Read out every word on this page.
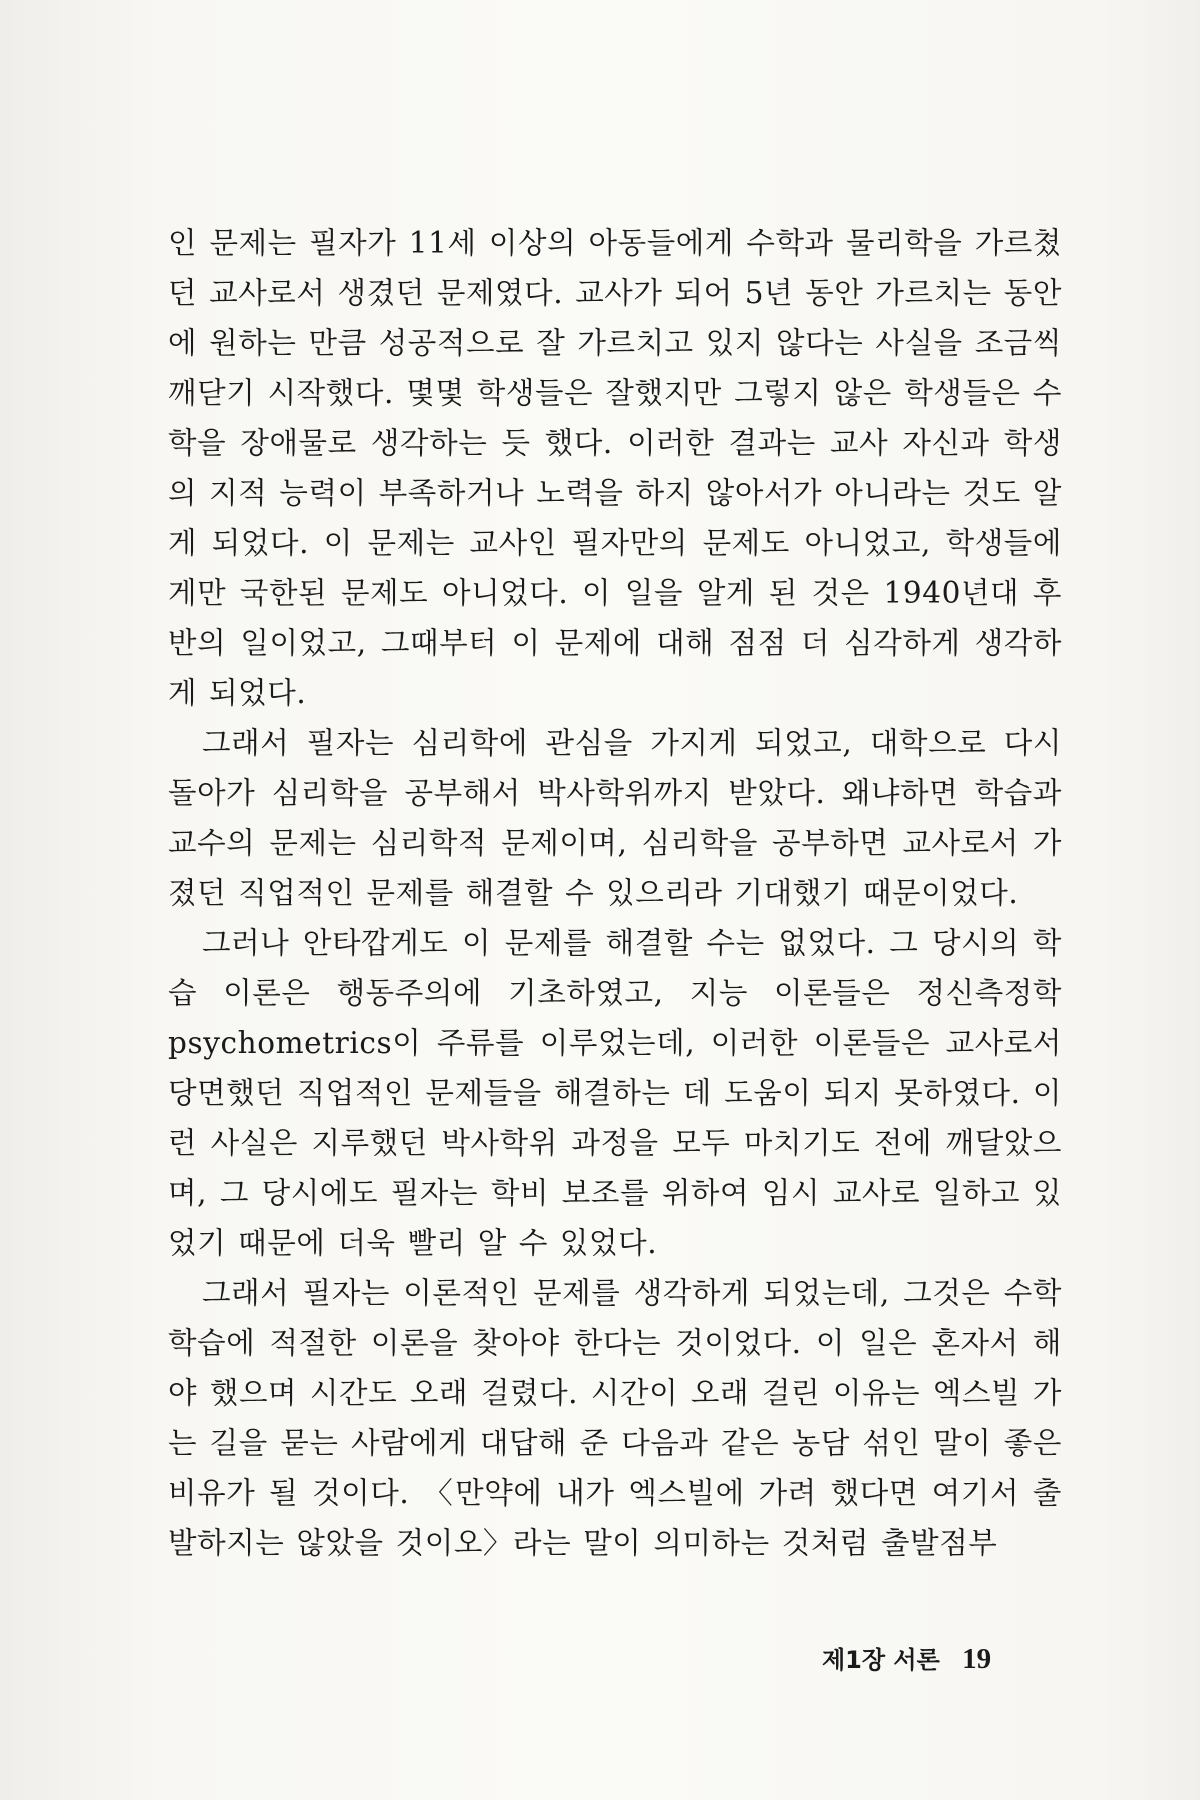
인 문제는 필자가 11세 이상의 아동들에게 수학과 물리학을 가르쳤던 교사로서 생겼던 문제였다. 교사가 되어 5년 동안 가르치는 동안에 원하는 만큼 성공적으로 잘 가르치고 있지 않다는 사실을 조금씩 깨닫기 시작했다. 몇몇 학생들은 잘했지만 그렇지 않은 학생들은 수학을 장애물로 생각하는 듯 했다. 이러한 결과는 교사 자신과 학생의 지적 능력이 부족하거나 노력을 하지 않아서가 아니라는 것도 알게 되었다. 이 문제는 교사인 필자만의 문제도 아니었고, 학생들에게만 국한된 문제도 아니었다. 이 일을 알게 된 것은 1940년대 후반의 일이었고, 그때부터 이 문제에 대해 점점 더 심각하게 생각하게 되었다.

그래서 필자는 심리학에 관심을 가지게 되었고, 대학으로 다시 돌아가 심리학을 공부해서 박사학위까지 받았다. 왜냐하면 학습과 교수의 문제는 심리학적 문제이며, 심리학을 공부하면 교사로서 가졌던 직업적인 문제를 해결할 수 있으리라 기대했기 때문이었다.

그러나 안타깝게도 이 문제를 해결할 수는 없었다. 그 당시의 학습 이론은 행동주의에 기초하였고, 지능 이론들은 정신측정학 psychometrics이 주류를 이루었는데, 이러한 이론들은 교사로서 당면했던 직업적인 문제들을 해결하는 데 도움이 되지 못하였다. 이런 사실은 지루했던 박사학위 과정을 모두 마치기도 전에 깨달았으며, 그 당시에도 필자는 학비 보조를 위하여 임시 교사로 일하고 있었기 때문에 더욱 빨리 알 수 있었다.

그래서 필자는 이론적인 문제를 생각하게 되었는데, 그것은 수학 학습에 적절한 이론을 찾아야 한다는 것이었다. 이 일은 혼자서 해야 했으며 시간도 오래 걸렸다. 시간이 오래 걸린 이유는 엑스빌 가는 길을 묻는 사람에게 대답해 준 다음과 같은 농담 섞인 말이 좋은 비유가 될 것이다. 〈만약에 내가 엑스빌에 가려 했다면 여기서 출발하지는 않았을 것이오〉라는 말이 의미하는 것처럼 출발점부

제1장 서론 19
